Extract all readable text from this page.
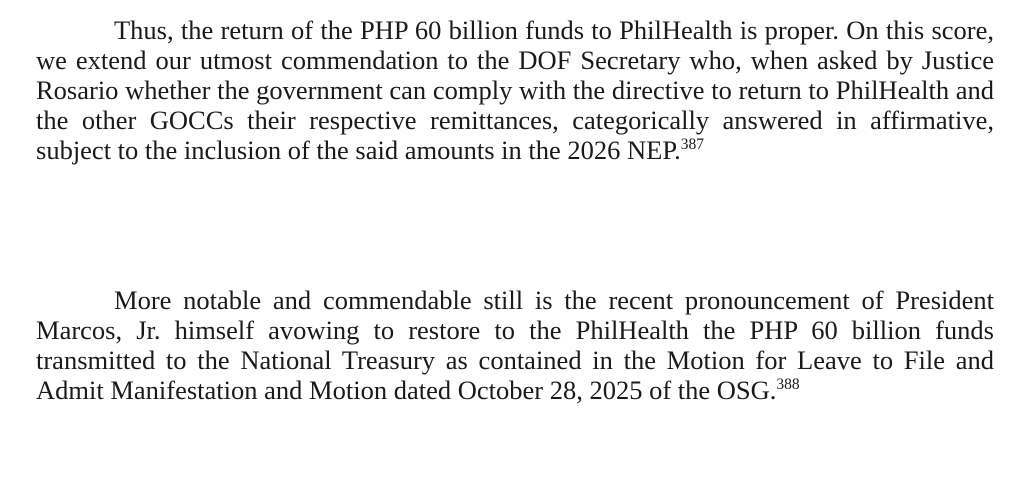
Thus, the return of the PHP 60 billion funds to PhilHealth is proper. On this score, we extend our utmost commendation to the DOF Secretary who, when asked by Justice Rosario whether the government can comply with the directive to return to PhilHealth and the other GOCCs their respective remittances, categorically answered in affirmative, subject to the inclusion of the said amounts in the 2026 NEP.$^{387}$

More notable and commendable still is the recent pronouncement of President Marcos, Jr. himself avowing to restore to the PhilHealth the PHP 60 billion funds transmitted to the National Treasury as contained in the Motion for Leave to File and Admit Manifestation and Motion dated October 28, 2025 of the OSG.$^{388}$
